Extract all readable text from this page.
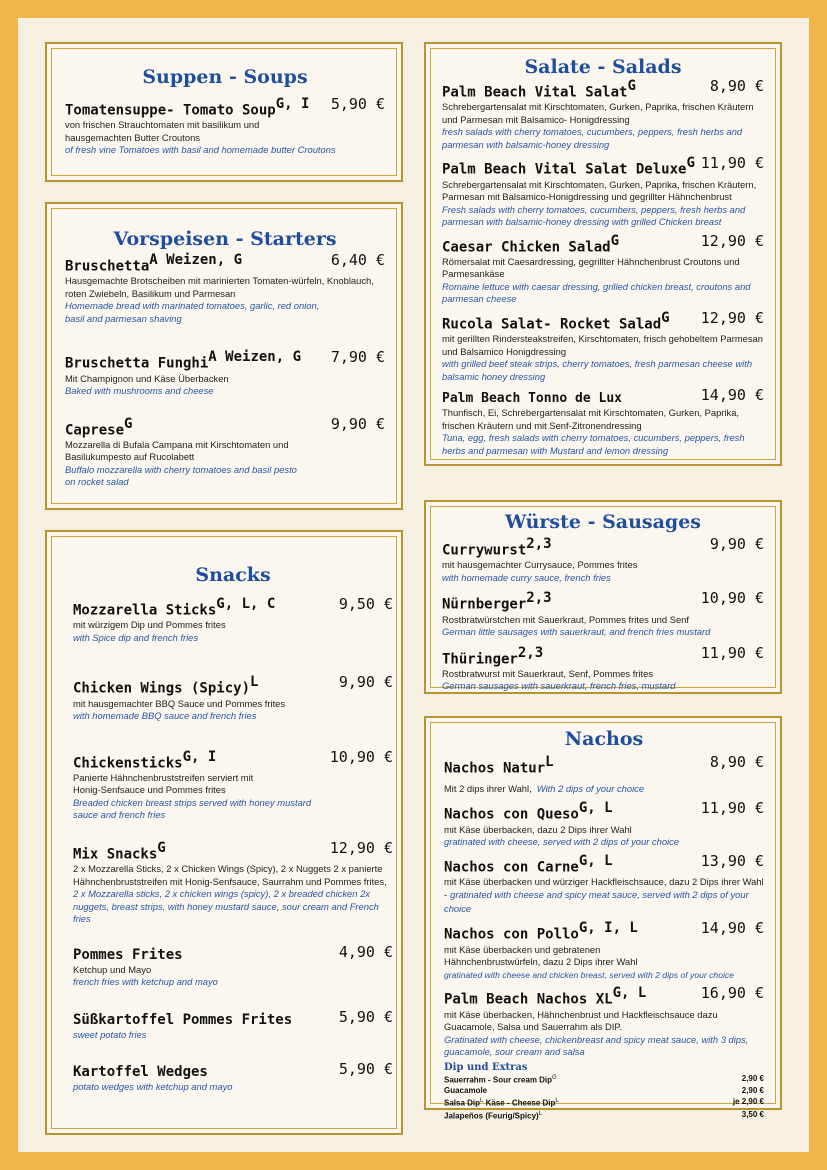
Suppen - Soups
Tomatensuppe- Tomato Soup$^{G, I}$	5,90 €
von frischen Strauchtomaten mit basilikum und hausgemachten Butter Croutons
of fresh vine Tomatoes with basil and homemade butter Croutons
Vorspeisen - Starters
Bruschetta$^{A Weizen, G}$	6,40 €
Hausgemachte Brotscheiben mit marinierten Tomaten-würfeln, Knoblauch, roten Zwiebeln, Basilikum und Parmesan
Homemade bread with marinated tomatoes, garlic, red onion, basil and parmesan shaving
Bruschetta Funghi$^{A Weizen, G}$	7,90 €
Mit Champignon und Käse Überbacken
Baked with mushrooms and cheese
Caprese$^G$	9,90 €
Mozzarella di Bufala Campana mit Kirschtomaten und Basilukumpesto auf Rucolabett
Buffalo mozzarella with cherry tomatoes and basil pesto on rocket salad
Snacks
Mozzarella Sticks$^{G, L, C}$	9,50 €
mit würzigem Dip und Pommes frites
with Spice dip and french fries
Chicken Wings (Spicy)$^L$	9,90 €
mit hausgemachter BBQ Sauce und Pommes frites
with homemade BBQ sauce and french fries
Chickensticks$^{G, I}$	10,90 €
Panierte Hähnchenbruststreifen serviert mit Honig-Senfsauce und Pommes frites
Breaded chicken breast strips served with honey mustard sauce and french fries
Mix Snacks$^G$	12,90 €
2 x Mozzarella Sticks, 2 x Chicken Wings (Spicy), 2 x Nuggets 2 x panierte Hähnchenbruststreifen mit Honig-Senfsauce, Saurrahm und Pommes frites,
2 x Mozzarella sticks, 2 x chicken wings (spicy), 2 x breaded chicken 2x nuggets, breast strips, with honey mustard sauce, sour cream and French fries
Pommes Frites	4,90 €
Ketchup und Mayo
french fries with ketchup and mayo
Süßkartoffel Pommes Frites	5,90 €
sweet potato fries
Kartoffel Wedges	5,90 €
potato wedges with ketchup and mayo
Salate - Salads
Palm Beach Vital Salat$^G$	8,90 €
Schrebergartensalat mit Kirschtomaten, Gurken, Paprika, frischen Kräutern und Parmesan mit Balsamico- Honigdressing
fresh salads with cherry tomatoes, cucumbers, peppers, fresh herbs and parmesan with balsamic-honey dressing
Palm Beach Vital Salat Deluxe$^G$ 11,90 €
Schrebergartensalat mit Kirschtomaten, Gurken, Paprika, frischen Kräutern, Parmesan mit Balsamico-Honigdressing und gegrillter Hähnchenbrust
Fresh salads with cherry tomatoes, cucumbers, peppers, fresh herbs and parmesan with balsamic-honey dressing with grilled Chicken breast
Caesar Chicken Salad$^G$	12,90 €
Römersalat mit Caesardressing, gegrillter Hähnchenbrust Croutons und Parmesankäse
Romaine lettuce with caesar dressing, grilled chicken breast, croutons and parmesan cheese
Rucola Salat- Rocket Salad$^G$	12,90 €
mit gerillten Rindersteakstreifen, Kirschtomaten, frisch gehobeltem Parmesan und Balsamico Honigdressing
with grilled beef steak strips, cherry tomatoes, fresh parmesan cheese with balsamic honey dressing
Palm Beach Tonno de Lux	14,90 €
Thunfisch, Ei, Schrebergartensalat mit Kirschtomaten, Gurken, Paprika, frischen Kräutern und mit Senf-Zitronendressing
Tuna, egg, fresh salads with cherry tomatoes, cucumbers, peppers, fresh herbs and parmesan with Mustard and lemon dressing
Würste - Sausages
Currywurst$^{2,3}$	9,90 €
mit hausgemachter Currysauce, Pommes frites
with homemade curry sauce, french fries
Nürnberger$^{2,3}$	10,90 €
Rostbratwürstchen mit Sauerkraut, Pommes frites und Senf
German little sausages with sauerkraut, and french fries mustard
Thüringer$^{2,3}$	11,90 €
Rostbratwurst mit Sauerkraut, Senf, Pommes frites
German sausages with sauerkraut, french fries, mustard
Nachos
Nachos Natur$^L$	8,90 €
Mit 2 dips ihrer Wahl, With 2 dips of your choice
Nachos con Queso$^{G, L}$	11,90 €
mit Käse überbacken, dazu 2 Dips ihrer Wahl
gratinated with cheese, served with 2 dips of your choice
Nachos con Carne$^{G, L}$	13,90 €
mit Käse überbacken und würziger Hackfleischsauce, dazu 2 Dips ihrer Wahl - gratinated with cheese and spicy meat sauce, served with 2 dips of your choice
Nachos con Pollo$^{G, I, L}$	14,90 €
mit Käse überbacken und gebratenen Hähnchenbrustwürfeln, dazu 2 Dips ihrer Wahl
gratinated with cheese and chicken breast, served with 2 dips of your choice
Palm Beach Nachos $XL^{G, L}$	16,90 €
mit Käse überbacken, Hähnchenbrust und Hackfleischsauce dazu Guacamole, Salsa und Sauerrahm als DIP.
Gratinated with cheese, chickenbreast and spicy meat sauce, with 3 dips, guacamole, sour cream and salsa
Dip und Extras
Sauerrahm - Sour cream Dip$^G$	2,90 €
Guacamole	2,90 €
Salsa Dip$^L$ Käse - Cheese Dip$^L$	je 2,90 €
Jalapeños (Feurig/Spicy)$^L$	3,50 €
